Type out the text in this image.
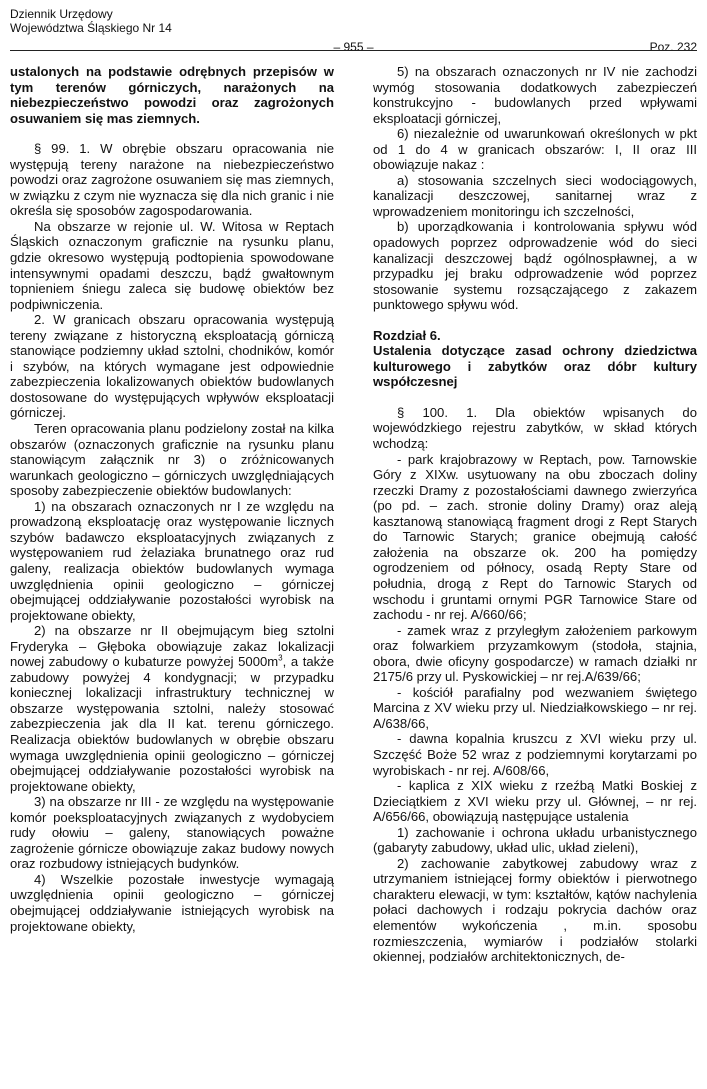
Dziennik Urzędowy
Województwa Śląskiego Nr 14
– 955 –	Poz. 232

ustalonych na podstawie odrębnych przepisów w tym terenów górniczych, narażonych na niebezpieczeństwo powodzi oraz zagrożonych osuwaniem się mas ziemnych.

§ 99. 1. W obrębie obszaru opracowania nie występują tereny narażone na niebezpieczeństwo powodzi oraz zagrożone osuwaniem się mas ziemnych, w związku z czym nie wyznacza się dla nich granic i nie określa się sposobów zagospodarowania.

Na obszarze w rejonie ul. W. Witosa w Reptach Śląskich oznaczonym graficznie na rysunku planu, gdzie okresowo występują podtopienia spowodowane intensywnymi opadami deszczu, bądź gwałtownym topnieniem śniegu zaleca się budowę obiektów bez podpiwniczenia.

2. W granicach obszaru opracowania występują tereny związane z historyczną eksploatacją górniczą stanowiące podziemny układ sztolni, chodników, komór i szybów, na których wymagane jest odpowiednie zabezpieczenia lokalizowanych obiektów budowlanych dostosowane do występujących wpływów eksploatacji górniczej.

Teren opracowania planu podzielony został na kilka obszarów (oznaczonych graficznie na rysunku planu stanowiącym załącznik nr 3) o zróżnicowanych warunkach geologiczno – górniczych uwzględniających sposoby zabezpieczenie obiektów budowlanych:

1) na obszarach oznaczonych nr I ze względu na prowadzoną eksploatację oraz występowanie licznych szybów badawczo eksploatacyjnych związanych z występowaniem rud żelaziaka brunatnego oraz rud galeny, realizacja obiektów budowlanych wymaga uwzględnienia opinii geologiczno – górniczej obejmującej oddziaływanie pozostałości wyrobisk na projektowane obiekty,

2) na obszarze nr II obejmującym bieg sztolni Fryderyka – Głęboka obowiązuje zakaz lokalizacji nowej zabudowy o kubaturze powyżej $5000m^3$, a także zabudowy powyżej 4 kondygnacji; w przypadku koniecznej lokalizacji infrastruktury technicznej w obszarze występowania sztolni, należy stosować zabezpieczenia jak dla II kat. terenu górniczego. Realizacja obiektów budowlanych w obrębie obszaru wymaga uwzględnienia opinii geologiczno – górniczej obejmującej oddziaływanie pozostałości wyrobisk na projektowane obiekty,

3) na obszarze nr III - ze względu na występowanie komór poeksploatacyjnych związanych z wydobyciem rudy ołowiu – galeny, stanowiących poważne zagrożenie górnicze obowiązuje zakaz budowy nowych oraz rozbudowy istniejących budynków.

4) Wszelkie pozostałe inwestycje wymagają uwzględnienia opinii geologiczno – górniczej obejmującej oddziaływanie istniejących wyrobisk na projektowane obiekty,

5) na obszarach oznaczonych nr IV nie zachodzi wymóg stosowania dodatkowych zabezpieczeń konstrukcyjno - budowlanych przed wpływami eksploatacji górniczej,

6) niezależnie od uwarunkowań określonych w pkt od 1 do 4 w granicach obszarów: I, II oraz III obowiązuje nakaz :

a) stosowania szczelnych sieci wodociągowych, kanalizacji deszczowej, sanitarnej wraz z wprowadzeniem monitoringu ich szczelności,

b) uporządkowania i kontrolowania spływu wód opadowych poprzez odprowadzenie wód do sieci kanalizacji deszczowej bądź ogólnospławnej, a w przypadku jej braku odprowadzenie wód poprzez stosowanie systemu rozsączającego z zakazem punktowego spływu wód.

Rozdział 6.

Ustalenia dotyczące zasad ochrony dziedzictwa kulturowego i zabytków oraz dóbr kultury współczesnej

§ 100. 1. Dla obiektów wpisanych do wojewódzkiego rejestru zabytków, w skład których wchodzą:

- park krajobrazowy w Reptach, pow. Tarnowskie Góry z XIXw. usytuowany na obu zboczach doliny rzeczki Dramy z pozostałościami dawnego zwierzyńca (po pd. – zach. stronie doliny Dramy) oraz aleją kasztanową stanowiącą fragment drogi z Rept Starych do Tarnowic Starych; granice obejmują całość założenia na obszarze ok. 200 ha pomiędzy ogrodzeniem od północy, osadą Repty Stare od południa, drogą z Rept do Tarnowic Starych od wschodu i gruntami ornymi PGR Tarnowice Stare od zachodu - nr rej. A/660/66;

- zamek wraz z przyległym założeniem parkowym oraz folwarkiem przyzamkowym (stodoła, stajnia, obora, dwie oficyny gospodarcze) w ramach działki nr 2175/6 przy ul. Pyskowickiej – nr rej.A/639/66;

- kościół parafialny pod wezwaniem świętego Marcina z XV wieku przy ul. Niedziałkowskiego – nr rej. A/638/66,

- dawna kopalnia kruszcu z XVI wieku przy ul. Szczęść Boże 52 wraz z podziemnymi korytarzami po wyrobiskach - nr rej. A/608/66,

- kaplica z XIX wieku z rzeźbą Matki Boskiej z Dzieciątkiem z XVI wieku przy ul. Głównej, – nr rej. A/656/66, obowiązują następujące ustalenia

1) zachowanie i ochrona układu urbanistycznego (gabaryty zabudowy, układ ulic, układ zieleni),

2) zachowanie zabytkowej zabudowy wraz z utrzymaniem istniejącej formy obiektów i pierwotnego charakteru elewacji, w tym: kształtów, kątów nachylenia połaci dachowych i rodzaju pokrycia dachów oraz elementów wykończenia , m.in. sposobu rozmieszczenia, wymiarów i podziałów stolarki okiennej, podziałów architektonicznych, de-
